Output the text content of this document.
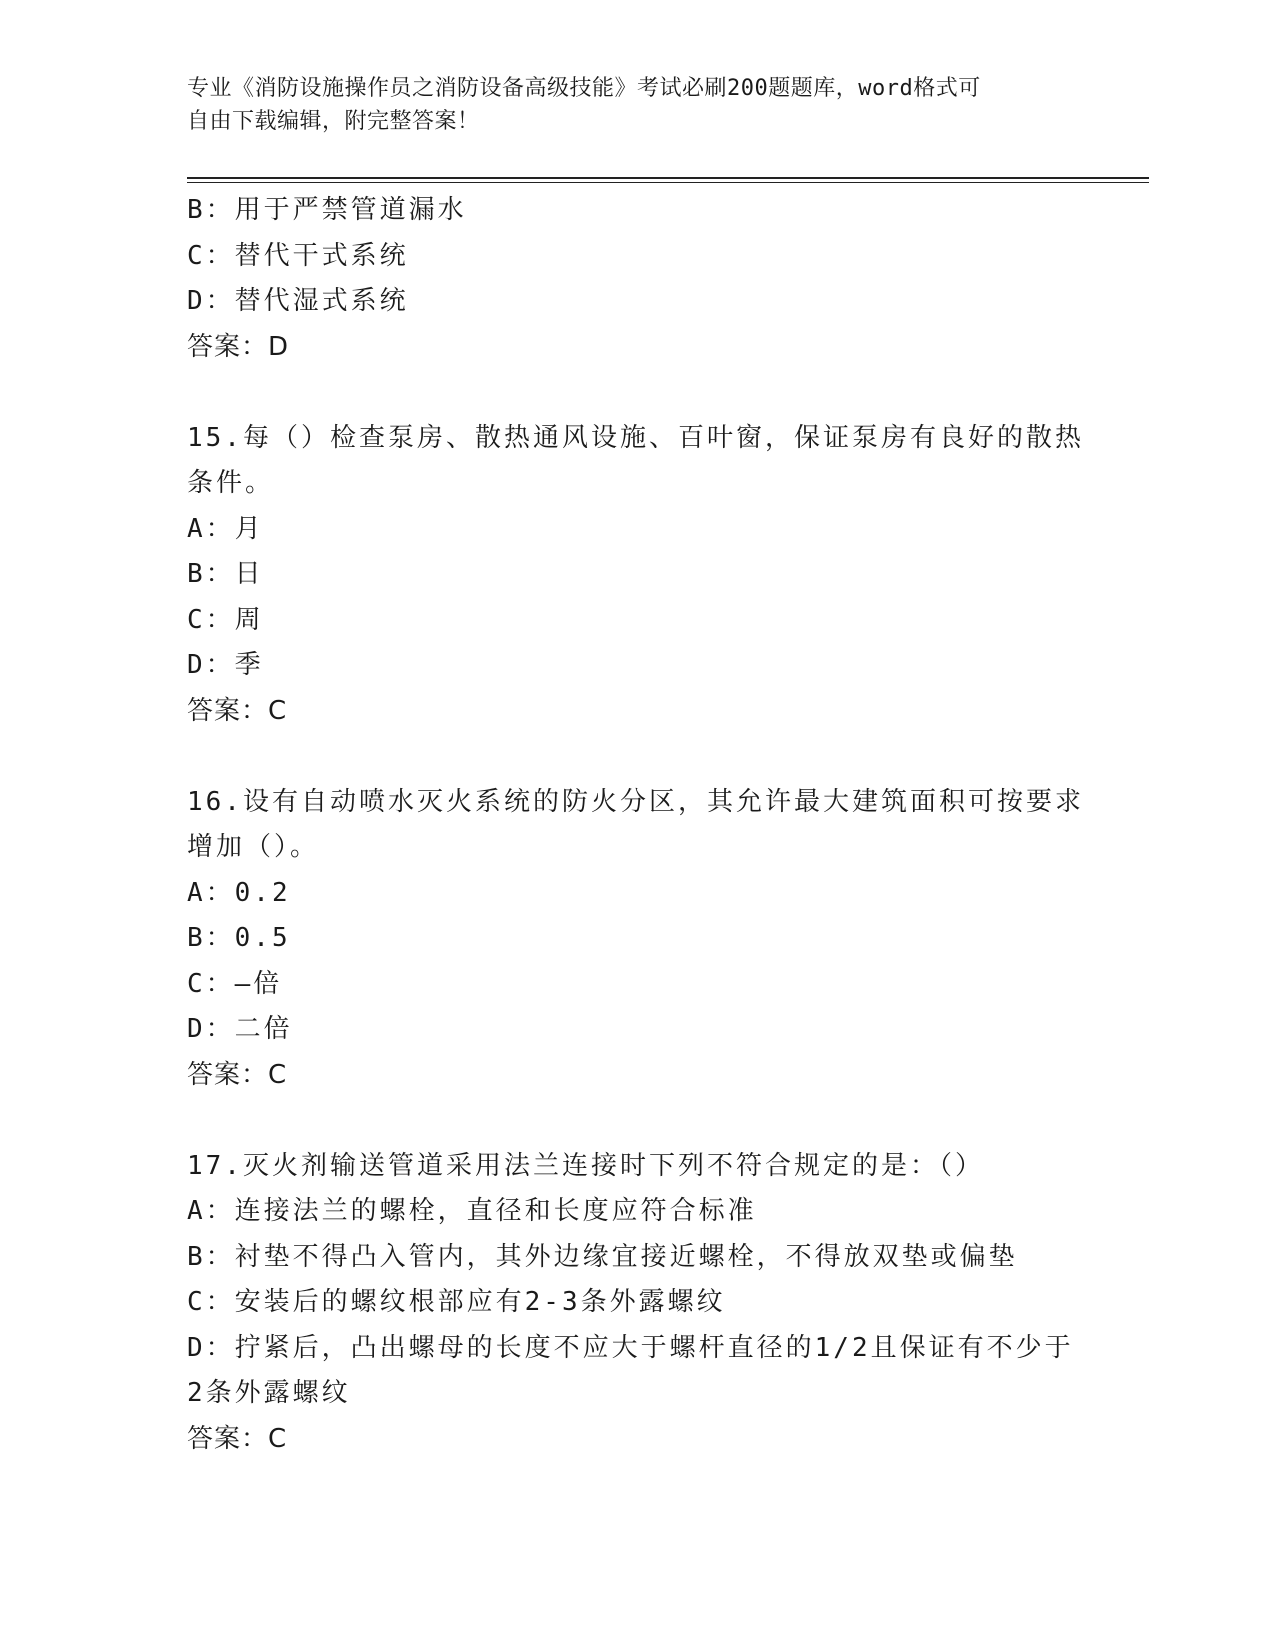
专业《消防设施操作员之消防设备高级技能》考试必刷200题题库，word格式可
自由下载编辑，附完整答案！
B：用于严禁管道漏水
C：替代干式系统
D：替代湿式系统
答案：D
15.每（）检查泵房、散热通风设施、百叶窗，保证泵房有良好的散热
条件。
A：月
B：日
C：周
D：季
答案：C
16.设有自动喷水灭火系统的防火分区，其允许最大建筑面积可按要求
增加（）。
A：0.2
B：0.5
C：—倍
D：二倍
答案：C
17.灭火剂输送管道采用法兰连接时下列不符合规定的是：（）
A：连接法兰的螺栓，直径和长度应符合标准
B：衬垫不得凸入管内，其外边缘宜接近螺栓，不得放双垫或偏垫
C：安装后的螺纹根部应有2-3条外露螺纹
D：拧紧后，凸出螺母的长度不应大于螺杆直径的1/2且保证有不少于
2条外露螺纹
答案：C
